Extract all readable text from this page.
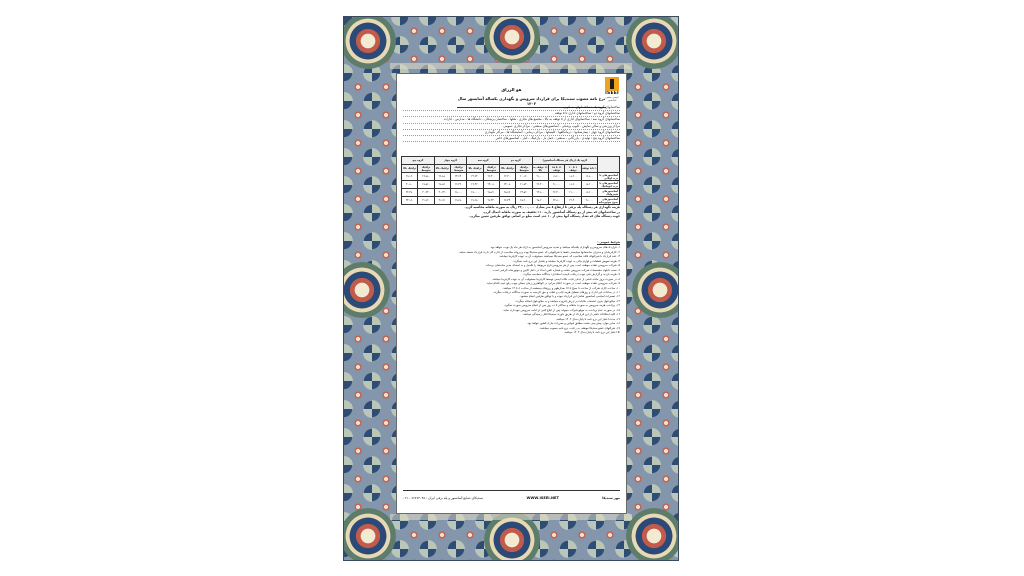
ISEEI
انجمن صنفی آسانسور
هو الرزاق
نرخ نامه مصوب ستندیکا برای قرارداد سرویس و نگهداری یکساله آسانسور سال ۱۴۰۲
ساختمانهای گروه یک : ساختمانهای مسکونی
ساختمانهای گروه دو : ساختمانهای اداری تا ۵ توقف
ساختمانهای گروه سه : ساختمانهای اداری از ۵ توقف به بالا - مجتمع های تجاری - هتلها - ساختمان پزشکان - دانشگاه ها - مدارس - ادارات
مراکز ورزشی و سالن نمایش - کلوپ پزشکی - آسانسورهای صنعتی - مراکز تجاری عمومی
ساختمانهای گروه چهار : بیمارستانها - درمانگاهها - کلینیکها - مراکز درمانی - آسایشگاه ها - مراکز نگهداری
ساختمانهای گروه پنج : تولیدی - بازرگانی - صنعتی - حمل بار - پارکینگ - انبار - آسانسورهای خاص
	گروه یک (ریال هر دستگاه آسانسور)				گروه دو		گروه سه		گروه چهار		گروه پنج	
	۱ تا ۵ توقف	۶ تا ۱۰ توقف	۱۱ تا ۱۵ توقف	۱۶ توقف به بالا	ترافیک متوسط	ترافیک بالا	ترافیک متوسط	ترافیک بالا	ترافیک متوسط	ترافیک بالا	ترافیک متوسط	ترافیک بالا
آسانسورهای با درب لولایی	۱۶,۸۰۰	۱۸,۲۰۰	۱۹,۶۰۰	۲۱,۰۰۰	۲۰,۱۶۰	۲۲,۴۰۰	۲۲,۴۰۰	۲۴,۶۴۰	۲۴,۶۴۰	۲۶,۸۸۰	۲۶,۸۸۰	۲۹,۱۲۰
آسانسورهای با درب اتوماتیک	۱۸,۲۰۰	۱۹,۶۰۰	۲۱,۰۰۰	۲۲,۴۰۰	۲۱,۸۴۰	۲۴,۰۸۰	۲۴,۰۸۰	۲۶,۳۲۰	۲۶,۳۲۰	۲۸,۵۶۰	۲۸,۵۶۰	۳۰,۸۰۰
آسانسورهای هیدرولیک	۱۹,۶۰۰	۲۱,۰۰۰	۲۲,۴۰۰	۲۳,۸۰۰	۲۳,۵۲۰	۲۵,۷۶۰	۲۵,۷۶۰	۲۸,۰۰۰	۲۸,۰۰۰	۳۰,۲۴۰	۳۰,۲۴۰	۳۲,۴۸۰
آسانسورهای بدون موتورخانه	۲۱,۰۰۰	۲۲,۴۰۰	۲۳,۸۰۰	۲۵,۲۰۰	۲۵,۲۰۰	۲۷,۴۴۰	۲۷,۴۴۰	۲۹,۶۸۰	۲۹,۶۸۰	۳۱,۹۲۰	۳۱,۹۲۰	۳۴,۱۶۰
هزینه نگهداری هر دستگاه پله برقی تا ارتفاع ۸ متر معادل ۲۳,۰۰۰,۰۰۰ ریال به صورت ماهانه محاسبه گردد.
در ساختمانهای که بیش از دو دستگاه آسانسور دارند ۱۰٪ تخفیف به صورت ماهانه اعمال گردد.
جهت دستگاه های که تعداد دستگاه آنها بیش از ۱۰ عدد است مبلغ بر اساس توافق طرفین تعیین میگردد.
شرایط عمومی :
۱- قرارداد های سرویس و نگهداری یکساله میباشد و تمدید سرویس آسانسور به ازای هر ماه یک نوبت خواهد بود.
۲- کارفرمایان و مدیران ساختمانها میبایستی فقط با شرکتهایی که عضو سندیکا بوده و پروانه صلاحیت از اداره کار دارند قرارداد منعقد نمایند.
۳- عقد قرارداد با شرکتهای فاقد صلاحیت که عضو سندیکا نمیباشند مسئولیت آن به عهده کارفرما میباشد.
۴- هزینه تعویض قطعات و لوازم یدکی به عهده کارفرما میباشد و شامل این نرخ نامه نمیگردد.
۵- شرکت سرویس دهنده موظف است پس از هر سرویس فرم مربوطه را تکمیل و به امضای مدیر ساختمان برساند.
۶- نصب تابلوی مشخصات شرکت سرویس دهنده و شماره تلفن امداد در داخل کابین و موتورخانه الزامی است.
۷- هزینه بازدید و گزارش فنی جهت دریافت تاییدیه استاندارد جداگانه محاسبه میگردد.
۸- در صورت بروز حادثه ناشی از عدم رعایت نکات ایمنی توسط کارفرما مسئولیت آن به عهده کارفرما میباشد.
۹- شرکت سرویس دهنده موظف است در صورت اعلام خرابی در کوتاهترین زمان ممکن جهت رفع عیب اقدام نماید.
۱۰- ساعت کاری شرکت از ساعت ۸ صبح تا ۱۷ بعدازظهر و روزهای پنجشنبه از ساعت ۸ تا ۱۳ میباشد.
۱۱- در ساعات غیر اداری و روزهای تعطیل هزینه ایاب و ذهاب و حق الزحمه به صورت جداگانه دریافت میگردد.
۱۲- تعمیرات اساسی آسانسور شامل این قرارداد نبوده و با توافق طرفین انجام میشود.
۱۳- مبالغ فوق بدون احتساب مالیات بر ارزش افزوده میباشد و به مبالغ فوق اضافه میگردد.
۱۴- پرداخت هزینه سرویس به صورت ماهانه و حداکثر تا ده روز پس از انجام سرویس صورت میگیرد.
۱۵- در صورت عدم پرداخت به موقع شرکت میتواند پس از ابلاغ کتبی از ادامه سرویس خودداری نماید.
۱۶- کلیه اختلافات ناشی از این قرارداد از طریق داوری سندیکا قابل رسیدگی میباشد.
۱۷- مدت اعتبار این نرخ نامه تا پایان سال ۱۴۰۲ میباشد.
۱۸- سایر موارد پیش بینی نشده مطابق قوانین و مقررات جاری کشور خواهد بود.
۱۹- شرکتهای عضو سندیکا موظف به رعایت نرخ نامه مصوب میباشند.
★ اعتبار این نرخ نامه تا پایان سال ۱۴۰۲ میباشد.
مهر سندیکا
WWW.ISEEI.NET
سندیکای صنایع آسانسور و پله برقی ایران : ۶۶۷۶۴۰۴۵ - ۰۲۱
